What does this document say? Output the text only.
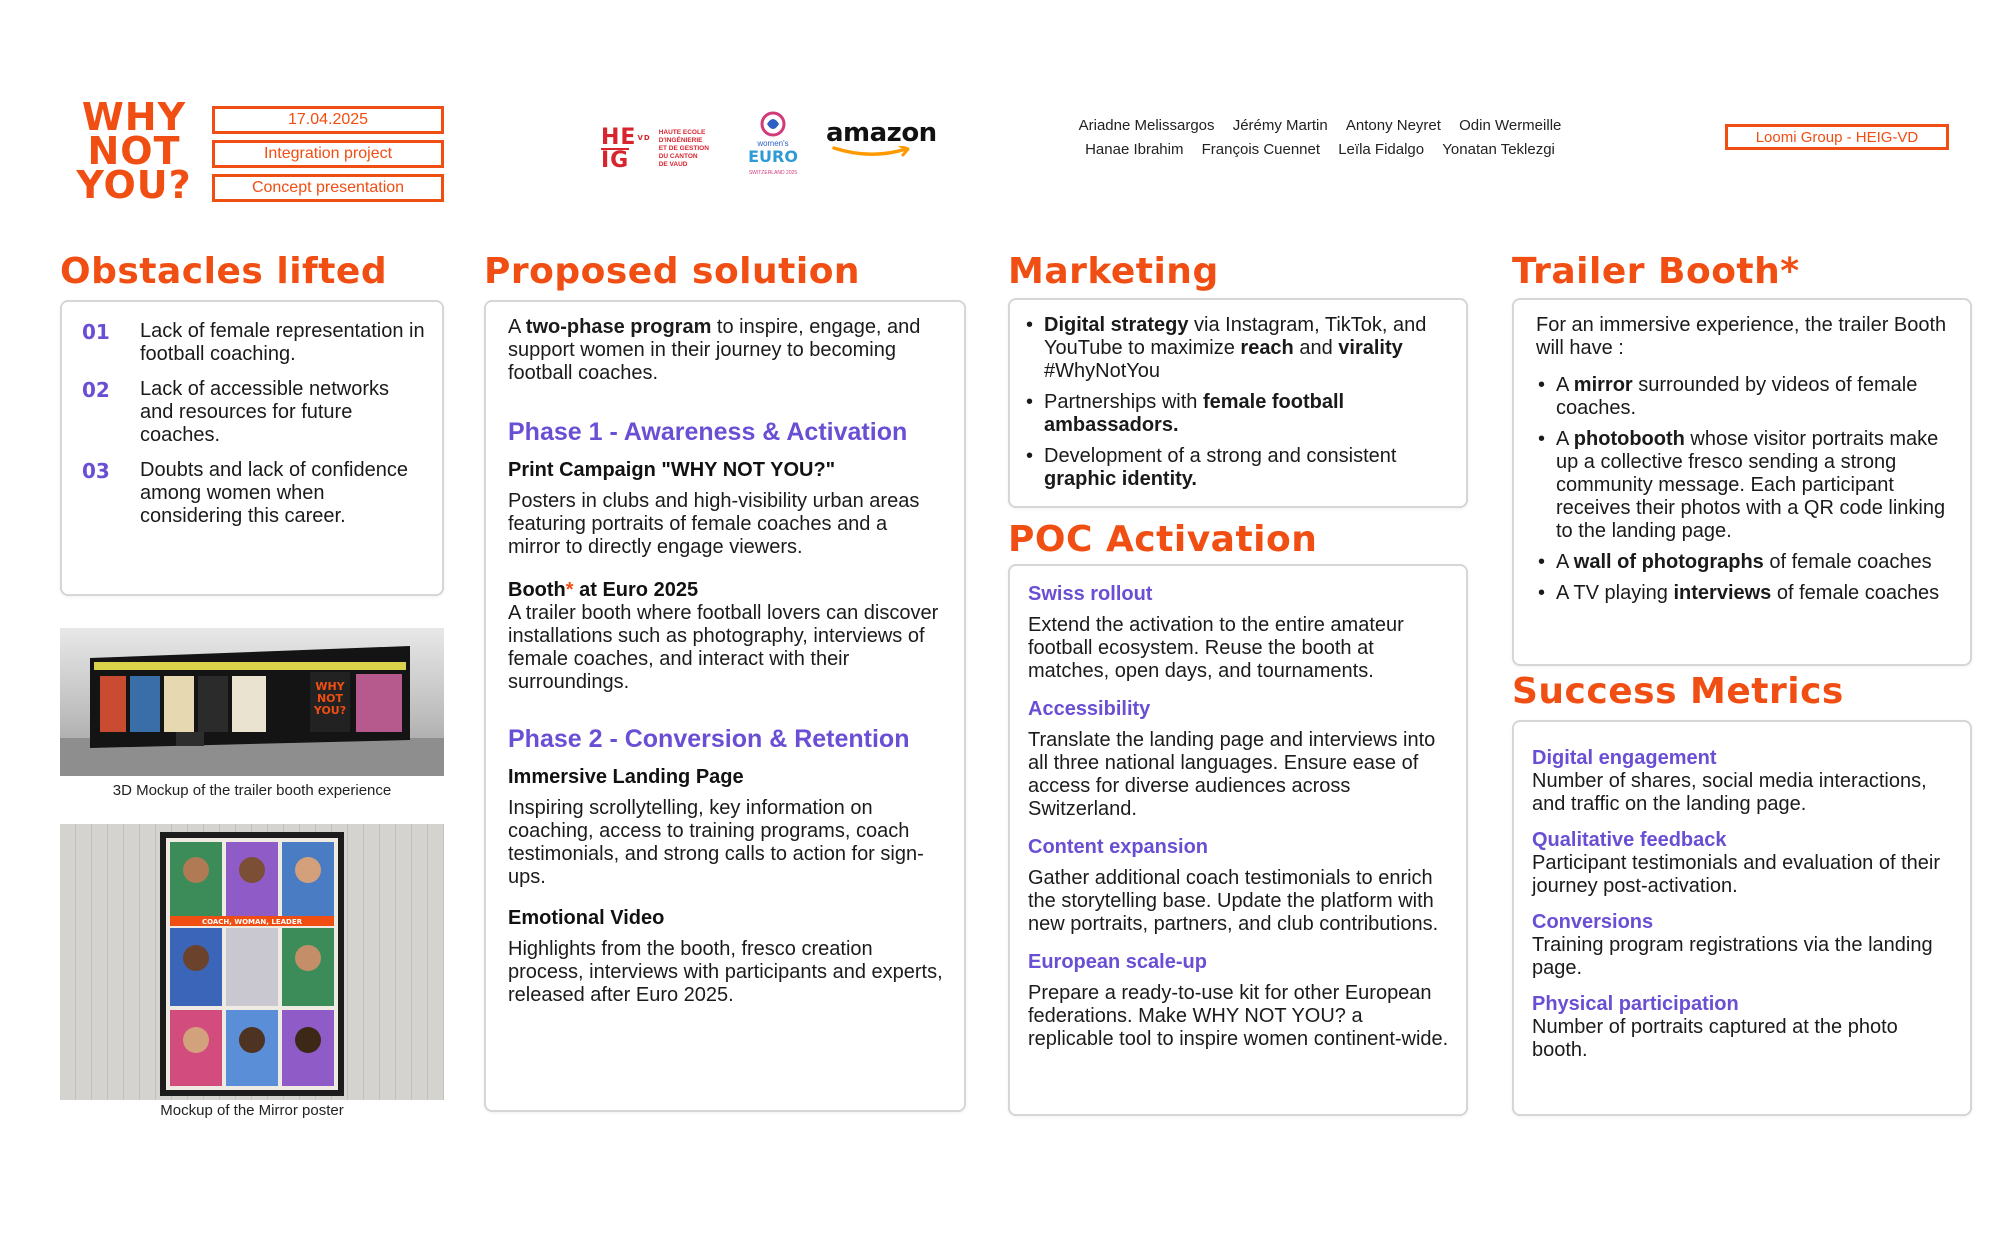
WHY
NOT
YOU?
17.04.2025
Integration project
Concept presentation
$HE^{VD}$
IG
HAUTE ECOLE
D'INGÉNIERIE
ET DE GESTION
DU CANTON
DE VAUD
women's
EURO
SWITZERLAND 2025
amazon	Ariadne Melissargos Jérémy Martin Antony Neyret Odin Wermeille
Hanae Ibrahim François Cuennet Leïla Fidalgo Yonatan Teklezgi
Loomi Group - HEIG-VD
Obstacles lifted
01	Lack of female representation in football coaching.
02	Lack of accessible networks and resources for future coaches.
03	Doubts and lack of confidence among women when considering this career.
WHY
NOT
YOU?
3D Mockup of the trailer booth experience
COACH, WOMAN, LEADER
Mockup of the Mirror poster
Proposed solution
A two-phase program to inspire, engage, and support women in their journey to becoming football coaches.
Phase 1 - Awareness & Activation
Print Campaign "WHY NOT YOU?"
Posters in clubs and high-visibility urban areas featuring portraits of female coaches and a mirror to directly engage viewers.
Booth* at Euro 2025
A trailer booth where football lovers can discover installations such as photography, interviews of female coaches, and interact with their surroundings.
Phase 2 - Conversion & Retention
Immersive Landing Page
Inspiring scrollytelling, key information on coaching, access to training programs, coach testimonials, and strong calls to action for sign-ups.
Emotional Video
Highlights from the booth, fresco creation process, interviews with participants and experts, released after Euro 2025.
Marketing
• Digital strategy via Instagram, TikTok, and YouTube to maximize reach and virality #WhyNotYou
• Partnerships with female football ambassadors.
• Development of a strong and consistent graphic identity.
POC Activation
Swiss rollout
Extend the activation to the entire amateur football ecosystem. Reuse the booth at matches, open days, and tournaments.
Accessibility
Translate the landing page and interviews into all three national languages. Ensure ease of access for diverse audiences across Switzerland.
Content expansion
Gather additional coach testimonials to enrich the storytelling base. Update the platform with new portraits, partners, and club contributions.
European scale-up
Prepare a ready-to-use kit for other European federations. Make WHY NOT YOU? a replicable tool to inspire women continent-wide.
Trailer Booth*
For an immersive experience, the trailer Booth will have :
• A mirror surrounded by videos of female coaches.
• A photobooth whose visitor portraits make up a collective fresco sending a strong community message. Each participant receives their photos with a QR code linking to the landing page.
• A wall of photographs of female coaches
• A TV playing interviews of female coaches
Success Metrics
Digital engagement
Number of shares, social media interactions, and traffic on the landing page.
Qualitative feedback
Participant testimonials and evaluation of their journey post-activation.
Conversions
Training program registrations via the landing page.
Physical participation
Number of portraits captured at the photo booth.
